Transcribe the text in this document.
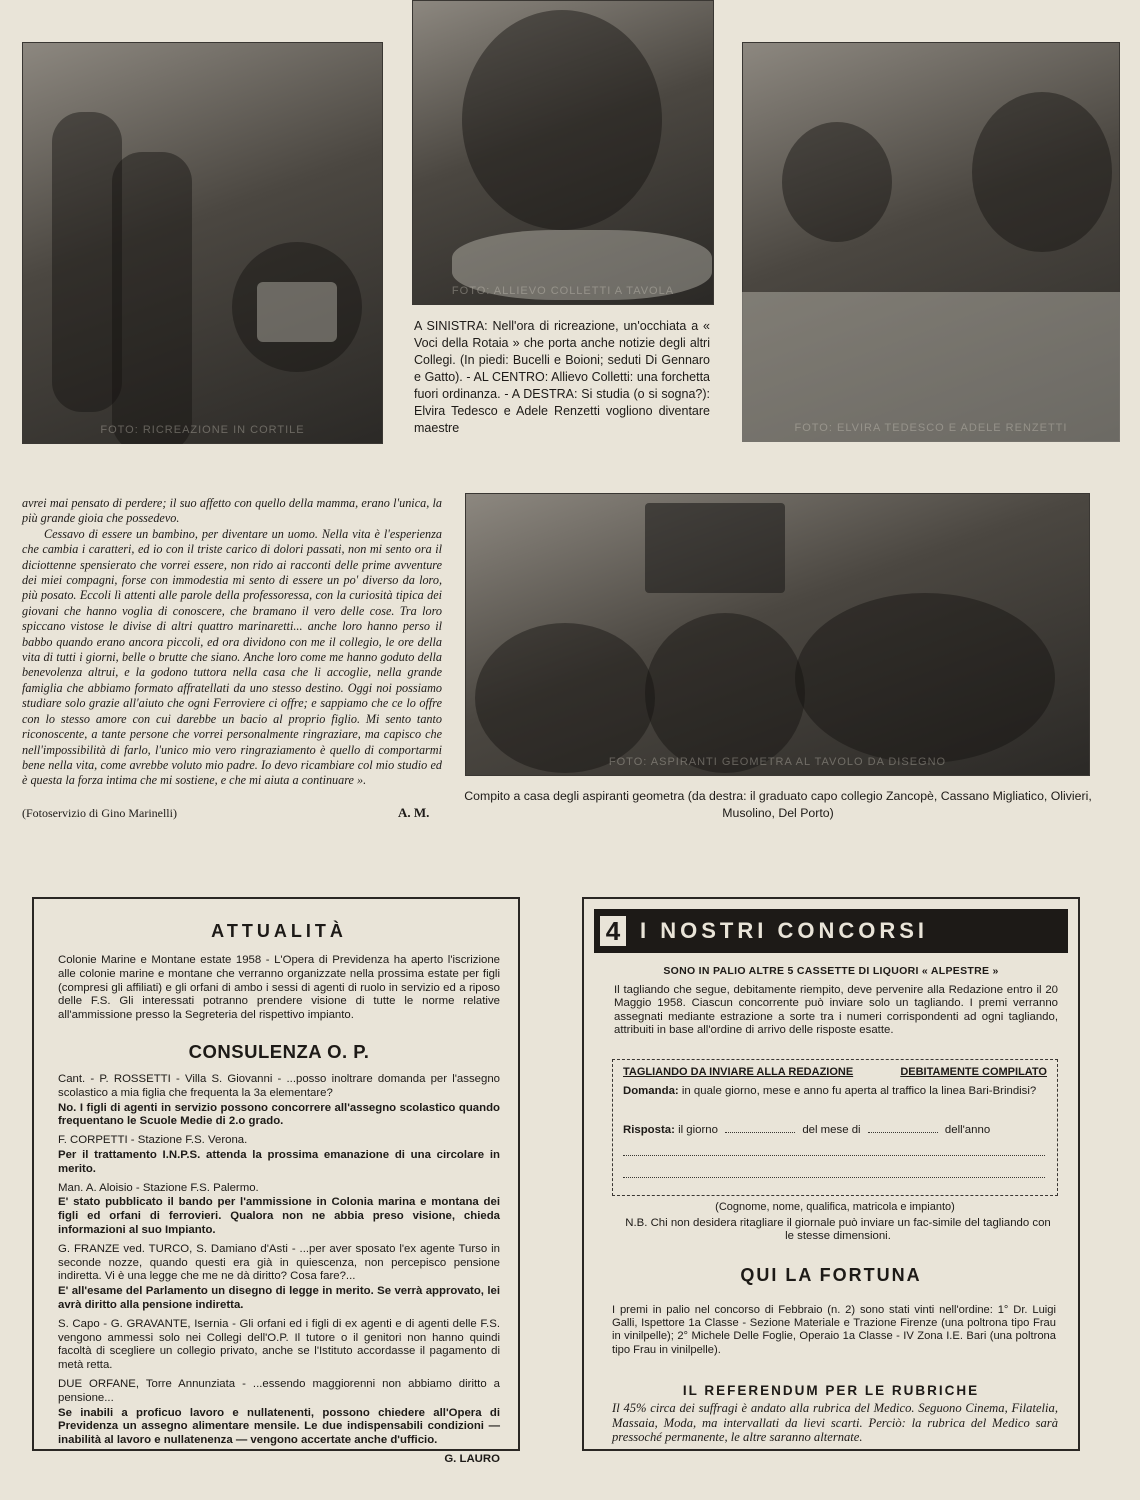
FOTO: RICREAZIONE IN CORTILE
FOTO: ALLIEVO COLLETTI A TAVOLA
A SINISTRA: Nell'ora di ricreazione, un'occhiata a « Voci della Rotaia » che porta anche notizie degli altri Collegi. (In piedi: Bucelli e Boioni; seduti Di Gennaro e Gatto). - AL CENTRO: Allievo Colletti: una forchetta fuori ordinanza. - A DESTRA: Si studia (o si sogna?): Elvira Tedesco e Adele Renzetti vogliono diventare maestre	FOTO: ELVIRA TEDESCO E ADELE RENZETTI

avrei mai pensato di perdere; il suo affetto con quello della mamma, erano l'unica, la più grande gioia che possedevo.

Cessavo di essere un bambino, per diventare un uomo. Nella vita è l'esperienza che cambia i caratteri, ed io con il triste carico di dolori passati, non mi sento ora il diciottenne spensierato che vorrei essere, non rido ai racconti delle prime avventure dei miei compagni, forse con immodestia mi sento di essere un po' diverso da loro, più posato. Eccoli lì attenti alle parole della professoressa, con la curiosità tipica dei giovani che hanno voglia di conoscere, che bramano il vero delle cose. Tra loro spiccano vistose le divise di altri quattro marinaretti... anche loro hanno perso il babbo quando erano ancora piccoli, ed ora dividono con me il collegio, le ore della vita di tutti i giorni, belle o brutte che siano. Anche loro come me hanno goduto della benevolenza altrui, e la godono tuttora nella casa che li accoglie, nella grande famiglia che abbiamo formato affratellati da uno stesso destino. Oggi noi possiamo studiare solo grazie all'aiuto che ogni Ferroviere ci offre; e sappiamo che ce lo offre con lo stesso amore con cui darebbe un bacio al proprio figlio. Mi sento tanto riconoscente, a tante persone che vorrei personalmente ringraziare, ma capisco che nell'impossibilità di farlo, l'unico mio vero ringraziamento è quello di comportarmi bene nella vita, come avrebbe voluto mio padre. Io devo ricambiare col mio studio ed è questa la forza intima che mi sostiene, e che mi aiuta a continuare ».

(Fotoservizio di Gino Marinelli)	A. M.
FOTO: ASPIRANTI GEOMETRA AL TAVOLO DA DISEGNO
Compito a casa degli aspiranti geometra (da destra: il graduato capo collegio Zancopè, Cassano Migliatico, Olivieri, Musolino, Del Porto)
ATTUALITÀ

Colonie Marine e Montane estate 1958 - L'Opera di Previdenza ha aperto l'iscrizione alle colonie marine e montane che verranno organizzate nella prossima estate per figli (compresi gli affiliati) e gli orfani di ambo i sessi di agenti di ruolo in servizio ed a riposo delle F.S. Gli interessati potranno prendere visione di tutte le norme relative all'ammissione presso la Segreteria del rispettivo impianto.

CONSULENZA O. P.

Cant. - P. ROSSETTI - Villa S. Giovanni - ...posso inoltrare domanda per l'assegno scolastico a mia figlia che frequenta la 3a elementare?

No. I figli di agenti in servizio possono concorrere all'assegno scolastico quando frequentano le Scuole Medie di 2.o grado.

F. CORPETTI - Stazione F.S. Verona.

Per il trattamento I.N.P.S. attenda la prossima emanazione di una circolare in merito.

Man. A. Aloisio - Stazione F.S. Palermo.

E' stato pubblicato il bando per l'ammissione in Colonia marina e montana dei figli ed orfani di ferrovieri. Qualora non ne abbia preso visione, chieda informazioni al suo Impianto.

G. FRANZE ved. TURCO, S. Damiano d'Asti - ...per aver sposato l'ex agente Turso in seconde nozze, quando questi era già in quiescenza, non percepisco pensione indiretta. Vi è una legge che me ne dà diritto? Cosa fare?...

E' all'esame del Parlamento un disegno di legge in merito. Se verrà approvato, lei avrà diritto alla pensione indiretta.

S. Capo - G. GRAVANTE, Isernia - Gli orfani ed i figli di ex agenti e di agenti delle F.S. vengono ammessi solo nei Collegi dell'O.P. Il tutore o il genitori non hanno quindi facoltà di scegliere un collegio privato, anche se l'Istituto accordasse il pagamento di metà retta.

DUE ORFANE, Torre Annunziata - ...essendo maggiorenni non abbiamo diritto a pensione...

Se inabili a proficuo lavoro e nullatenenti, possono chiedere all'Opera di Previdenza un assegno alimentare mensile. Le due indispensabili condizioni — inabilità al lavoro e nullatenenza — vengono accertate anche d'ufficio.

G. LAURO
4 I NOSTRI CONCORSI
SONO IN PALIO ALTRE 5 CASSETTE DI LIQUORI « ALPESTRE »
Il tagliando che segue, debitamente riempito, deve pervenire alla Redazione entro il 20 Maggio 1958. Ciascun concorrente può inviare solo un tagliando. I premi verranno assegnati mediante estrazione a sorte tra i numeri corrispondenti ad ogni tagliando, attribuiti in base all'ordine di arrivo delle risposte esatte.
TAGLIANDO DA INVIARE ALLA REDAZIONE	DEBITAMENTE COMPILATO
Domanda: in quale giorno, mese e anno fu aperta al traffico la linea Bari-Brindisi?
Risposta: il giorno	del mese di	dell'anno
(Cognome, nome, qualifica, matricola e impianto)
N.B. Chi non desidera ritagliare il giornale può inviare un fac-simile del tagliando con le stesse dimensioni.
QUI LA FORTUNA
I premi in palio nel concorso di Febbraio (n. 2) sono stati vinti nell'ordine: 1° Dr. Luigi Galli, Ispettore 1a Classe - Sezione Materiale e Trazione Firenze (una poltrona tipo Frau in vinilpelle); 2° Michele Delle Foglie, Operaio 1a Classe - IV Zona I.E. Bari (una poltrona tipo Frau in vinilpelle).
IL REFERENDUM PER LE RUBRICHE
Il 45% circa dei suffragi è andato alla rubrica del Medico. Seguono Cinema, Filatelia, Massaia, Moda, ma intervallati da lievi scarti. Perciò: la rubrica del Medico sarà pressoché permanente, le altre saranno alternate.
